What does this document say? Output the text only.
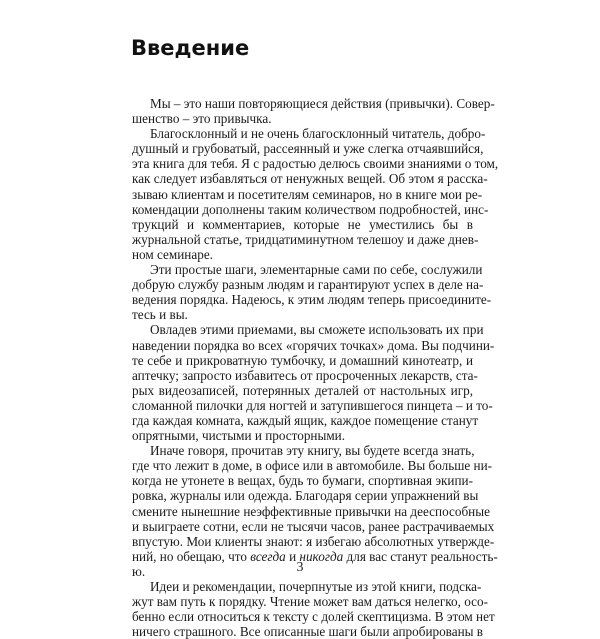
Введение
Мы – это наши повторяющиеся действия (привычки). Совер-
шенство – это привычка.
Благосклонный и не очень благосклонный читатель, добро-
душный и грубоватый, рассеянный и уже слегка отчаявшийся,
эта книга для тебя. Я с радостью делюсь своими знаниями о том,
как следует избавляться от ненужных вещей. Об этом я расска-
зываю клиентам и посетителям семинаров, но в книге мои ре-
комендации дополнены таким количеством подробностей, инс-
трукций и комментариев, которые не уместились бы в
журнальной статье, тридцатиминутном телешоу и даже днев-
ном семинаре.
Эти простые шаги, элементарные сами по себе, сослужили
добрую службу разным людям и гарантируют успех в деле на-
ведения порядка. Надеюсь, к этим людям теперь присоедините-
тесь и вы.
Овладев этими приемами, вы сможете использовать их при
наведении порядка во всех «горячих точках» дома. Вы подчини-
те себе и прикроватную тумбочку, и домашний кинотеатр, и
аптечку; запросто избавитесь от просроченных лекарств, ста-
рых видеозаписей, потерянных деталей от настольных игр,
сломанной пилочки для ногтей и затупившегося пинцета – и то-
гда каждая комната, каждый ящик, каждое помещение станут
опрятными, чистыми и просторными.
Иначе говоря, прочитав эту книгу, вы будете всегда знать,
где что лежит в доме, в офисе или в автомобиле. Вы больше ни-
когда не утонете в вещах, будь то бумаги, спортивная экипи-
ровка, журналы или одежда. Благодаря серии упражнений вы
смените нынешние неэффективные привычки на дееспособные
и выиграете сотни, если не тысячи часов, ранее растрачиваемых
впустую. Мои клиенты знают: я избегаю абсолютных утвержде-
ний, но обещаю, что всегда и никогда для вас станут реальность-
ю.
Идеи и рекомендации, почерпнутые из этой книги, подска-
жут вам путь к порядку. Чтение может вам даться нелегко, осо-
бенно если относиться к тексту с долей скептицизма. В этом нет
ничего страшного. Все описанные шаги были апробированы в
3
